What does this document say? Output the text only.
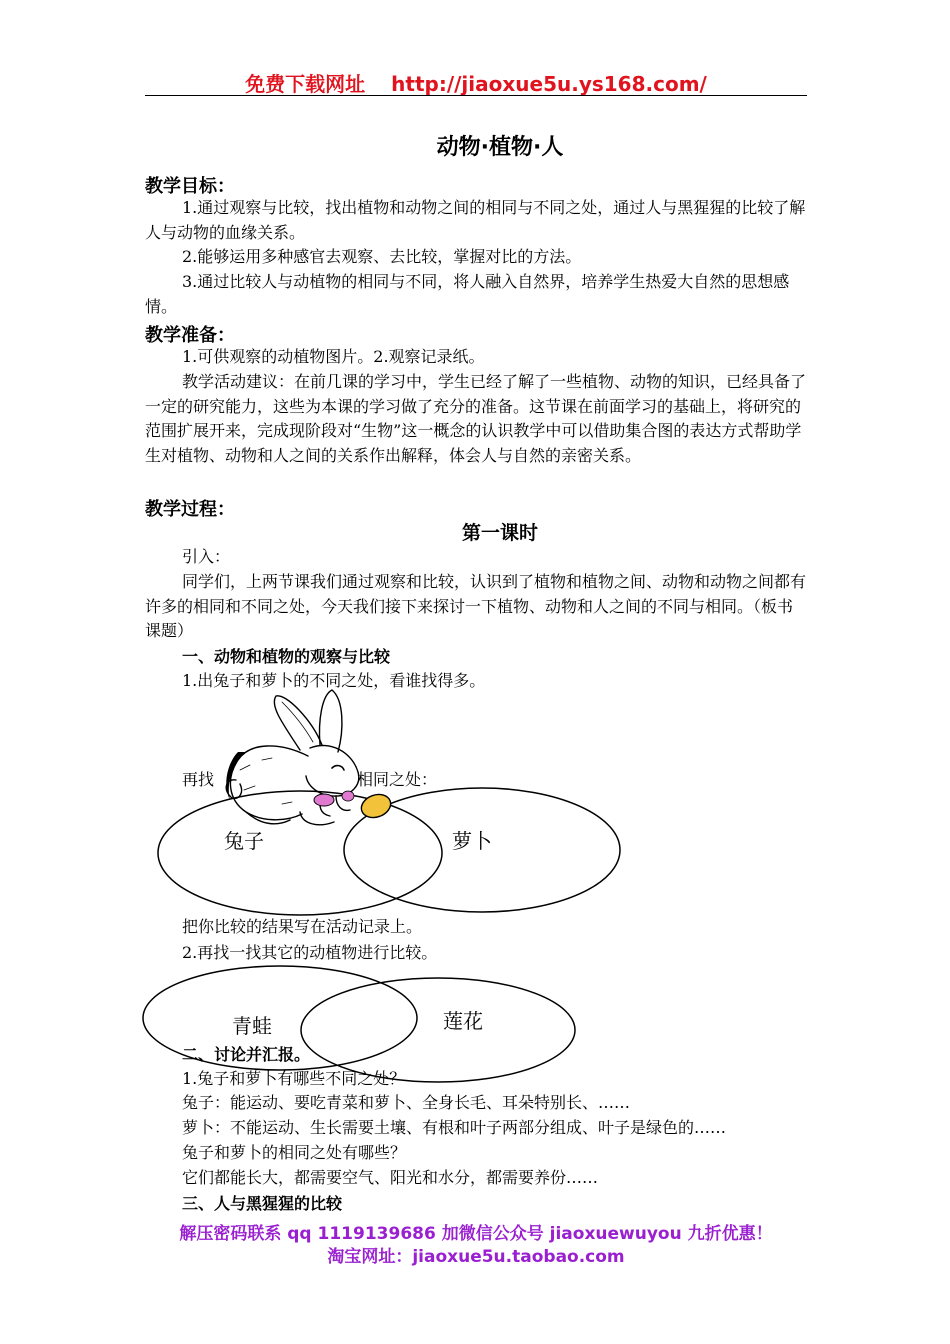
免费下载网址 http://jiaoxue5u.ys168.com/
动物·植物·人
教学目标：
1.通过观察与比较，找出植物和动物之间的相同与不同之处，通过人与黑猩猩的比较了解人与动物的血缘关系。
2.能够运用多种感官去观察、去比较，掌握对比的方法。
3.通过比较人与动植物的相同与不同，将人融入自然界，培养学生热爱大自然的思想感情。
教学准备：
1.可供观察的动植物图片。2.观察记录纸。
教学活动建议：在前几课的学习中，学生已经了解了一些植物、动物的知识，已经具备了一定的研究能力，这些为本课的学习做了充分的准备。这节课在前面学习的基础上，将研究的范围扩展开来，完成现阶段对“生物”这一概念的认识教学中可以借助集合图的表达方式帮助学生对植物、动物和人之间的关系作出解释，体会人与自然的亲密关系。
教学过程：
第一课时
引入：
同学们，上两节课我们通过观察和比较，认识到了植物和植物之间、动物和动物之间都有许多的相同和不同之处，今天我们接下来探讨一下植物、动物和人之间的不同与相同。（板书课题）
一、动物和植物的观察与比较
1.出兔子和萝卜的不同之处，看谁找得多。
再找	相同之处：
兔子	萝卜
把你比较的结果写在活动记录上。
2.再找一找其它的动植物进行比较。
青蛙	莲花
二、讨论并汇报。
1.兔子和萝卜有哪些不同之处？
兔子：能运动、要吃青菜和萝卜、全身长毛、耳朵特别长、……
萝卜：不能运动、生长需要土壤、有根和叶子两部分组成、叶子是绿色的……
兔子和萝卜的相同之处有哪些？
它们都能长大，都需要空气、阳光和水分，都需要养份……
三、人与黑猩猩的比较
解压密码联系 qq 1119139686 加微信公众号 jiaoxuewuyou 九折优惠！
淘宝网址：jiaoxue5u.taobao.com
